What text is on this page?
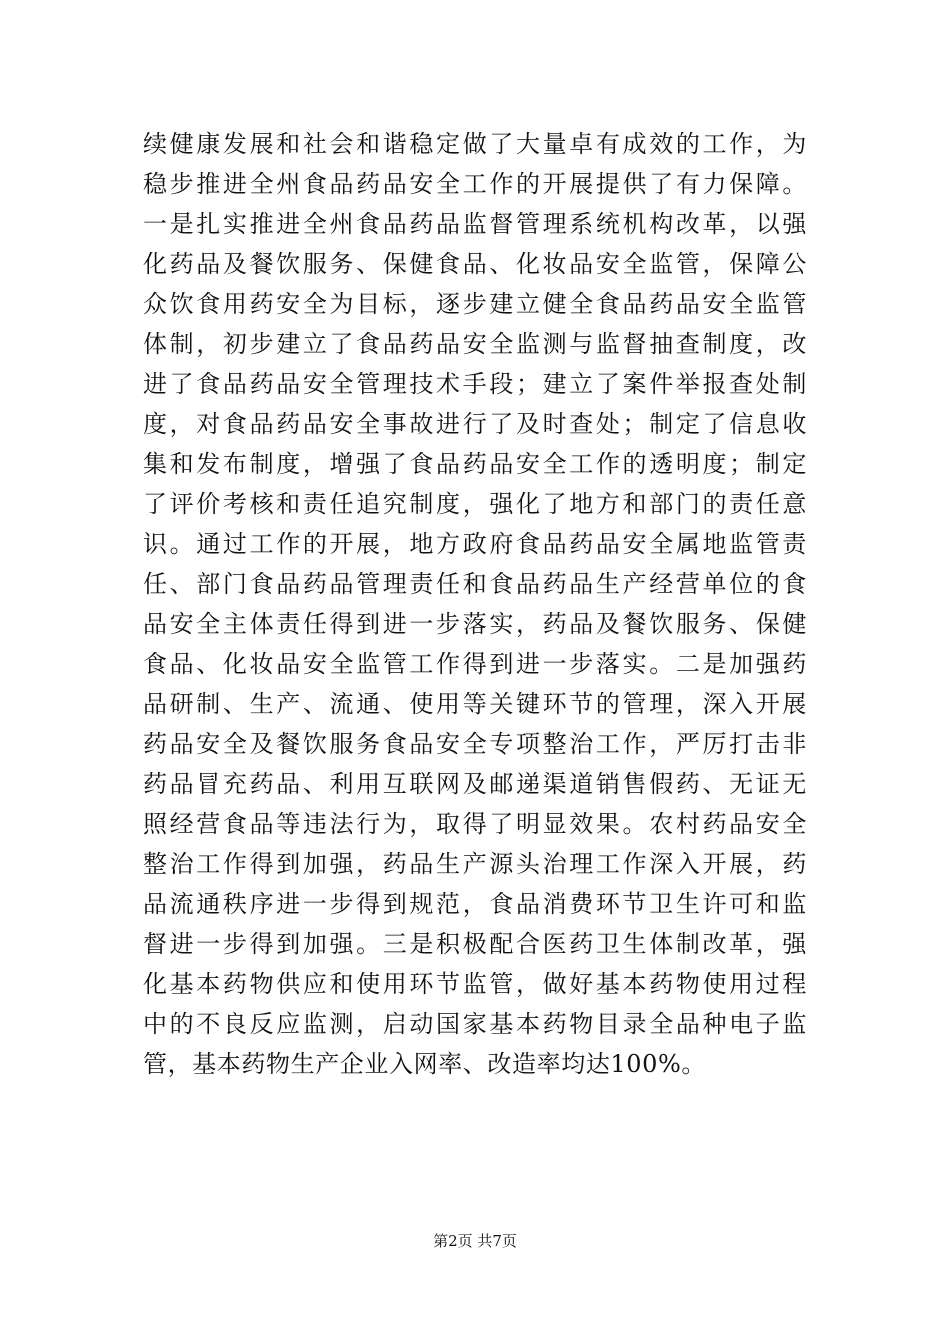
续健康发展和社会和谐稳定做了大量卓有成效的工作，为
稳步推进全州食品药品安全工作的开展提供了有力保障。
一是扎实推进全州食品药品监督管理系统机构改革，以强
化药品及餐饮服务、保健食品、化妆品安全监管，保障公
众饮食用药安全为目标，逐步建立健全食品药品安全监管
体制，初步建立了食品药品安全监测与监督抽查制度，改
进了食品药品安全管理技术手段；建立了案件举报查处制
度，对食品药品安全事故进行了及时查处；制定了信息收
集和发布制度，增强了食品药品安全工作的透明度；制定
了评价考核和责任追究制度，强化了地方和部门的责任意
识。通过工作的开展，地方政府食品药品安全属地监管责
任、部门食品药品管理责任和食品药品生产经营单位的食
品安全主体责任得到进一步落实，药品及餐饮服务、保健
食品、化妆品安全监管工作得到进一步落实。二是加强药
品研制、生产、流通、使用等关键环节的管理，深入开展
药品安全及餐饮服务食品安全专项整治工作，严厉打击非
药品冒充药品、利用互联网及邮递渠道销售假药、无证无
照经营食品等违法行为，取得了明显效果。农村药品安全
整治工作得到加强，药品生产源头治理工作深入开展，药
品流通秩序进一步得到规范，食品消费环节卫生许可和监
督进一步得到加强。三是积极配合医药卫生体制改革，强
化基本药物供应和使用环节监管，做好基本药物使用过程
中的不良反应监测，启动国家基本药物目录全品种电子监
管，基本药物生产企业入网率、改造率均达100%。
第2页 共7页
